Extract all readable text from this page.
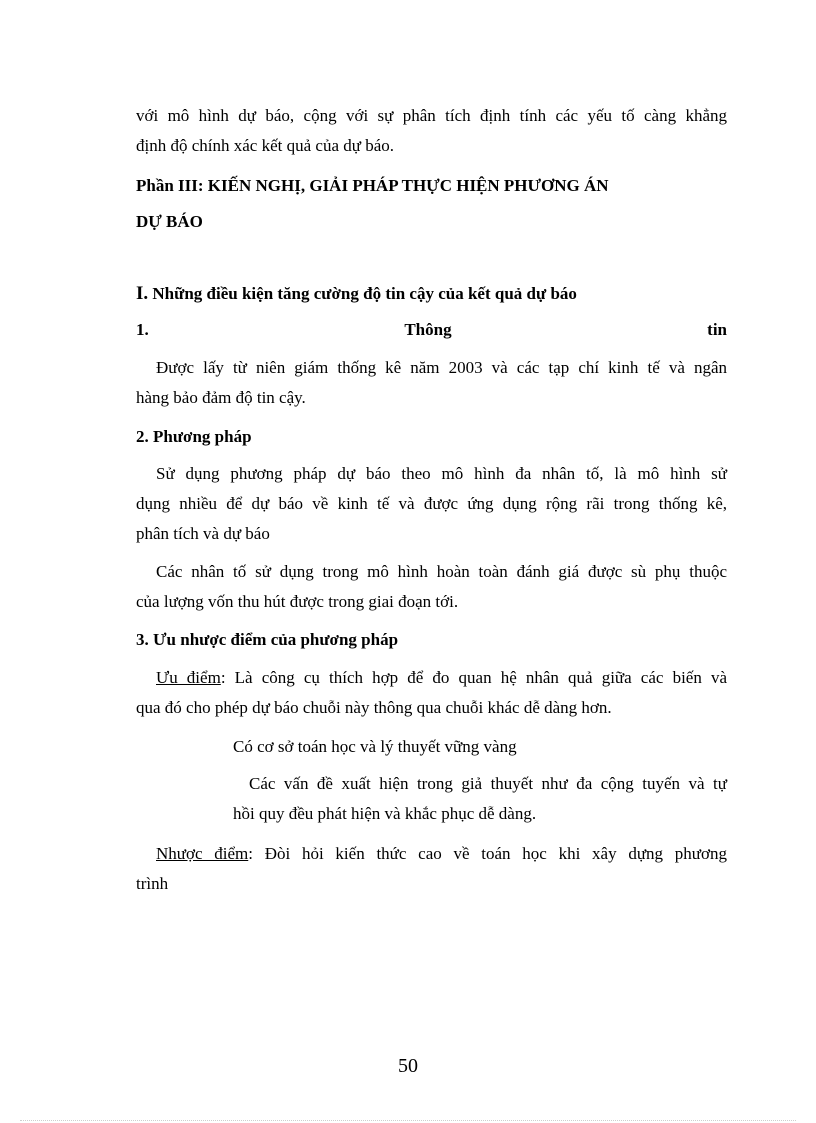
với mô hình dự báo, cộng với sự phân tích định tính các yếu tố càng khẳng
định độ chính xác kết quả của dự báo.
Phần III: KIẾN NGHỊ, GIẢI PHÁP THỰC HIỆN PHƯƠNG ÁN
DỰ BÁO
I. Những điều kiện tăng cường độ tin cậy của kết quả dự báo
1.	Thông	tin
Được lấy từ niên giám thống kê năm 2003 và các tạp chí kinh tế và ngân
hàng bảo đảm độ tin cậy.
2. Phương pháp
Sử dụng phương pháp dự báo theo mô hình đa nhân tố, là mô hình sử
dụng nhiều để dự báo về kinh tế và được ứng dụng rộng rãi trong thống kê,
phân tích và dự báo
Các nhân tố sử dụng trong mô hình hoàn toàn đánh giá được sù phụ thuộc
của lượng vốn thu hút được trong giai đoạn tới.
3. Ưu nhược điểm của phương pháp
Ưu điểm: Là công cụ thích hợp để đo quan hệ nhân quả giữa các biến và
qua đó cho phép dự báo chuỗi này thông qua chuỗi khác dễ dàng hơn.
Có cơ sở toán học và lý thuyết vững vàng
Các vấn đề xuất hiện trong giả thuyết như đa cộng tuyến và tự
hồi quy đều phát hiện và khắc phục dễ dàng.
Nhược điểm: Đòi hỏi kiến thức cao về toán học khi xây dựng phương
trình
50
